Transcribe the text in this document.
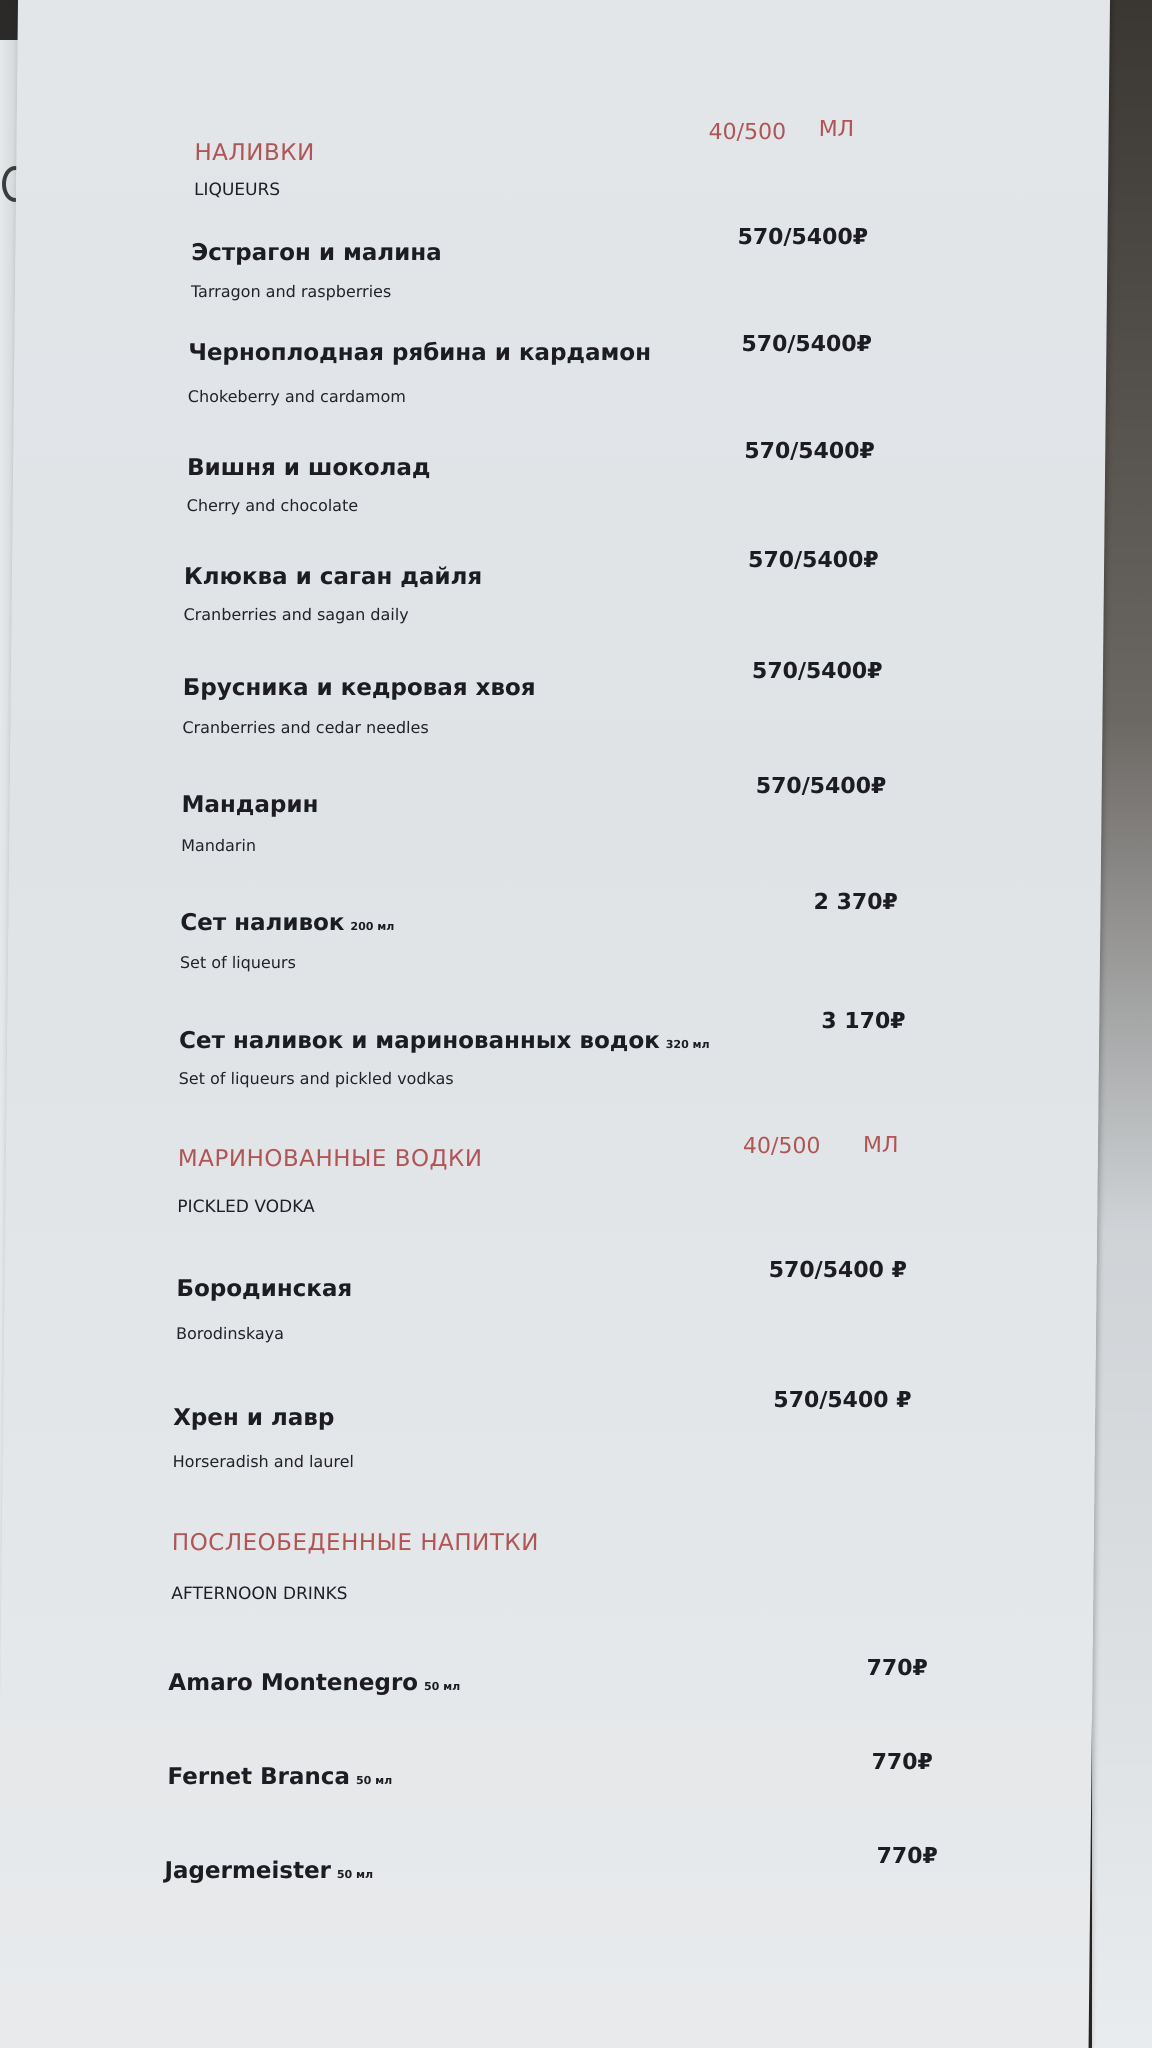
НАЛИВКИ
LIQUEURS
40/500 МЛ
Эстрагон и малина
Tarragon and raspberries
570/5400₽
Черноплодная рябина и кардамон
Chokeberry and cardamom
570/5400₽
Вишня и шоколад
Cherry and chocolate
570/5400₽
Клюква и саган дайля
Cranberries and sagan daily
570/5400₽
Брусника и кедровая хвоя
Cranberries and cedar needles
570/5400₽
Мандарин
Mandarin
570/5400₽
Сет наливок 200 мл
Set of liqueurs
2 370₽
Сет наливок и маринованных водок 320 мл
Set of liqueurs and pickled vodkas
3 170₽
МАРИНОВАННЫЕ ВОДКИ
PICKLED VODKA
40/500 МЛ
Бородинская
Borodinskaya
570/5400 ₽
Хрен и лавр
Horseradish and laurel
570/5400 ₽
ПОСЛЕОБЕДЕННЫЕ НАПИТКИ
AFTERNOON DRINKS
Amaro Montenegro 50 мл
770₽
Fernet Branca 50 мл
770₽
Jagermeister 50 мл
770₽
